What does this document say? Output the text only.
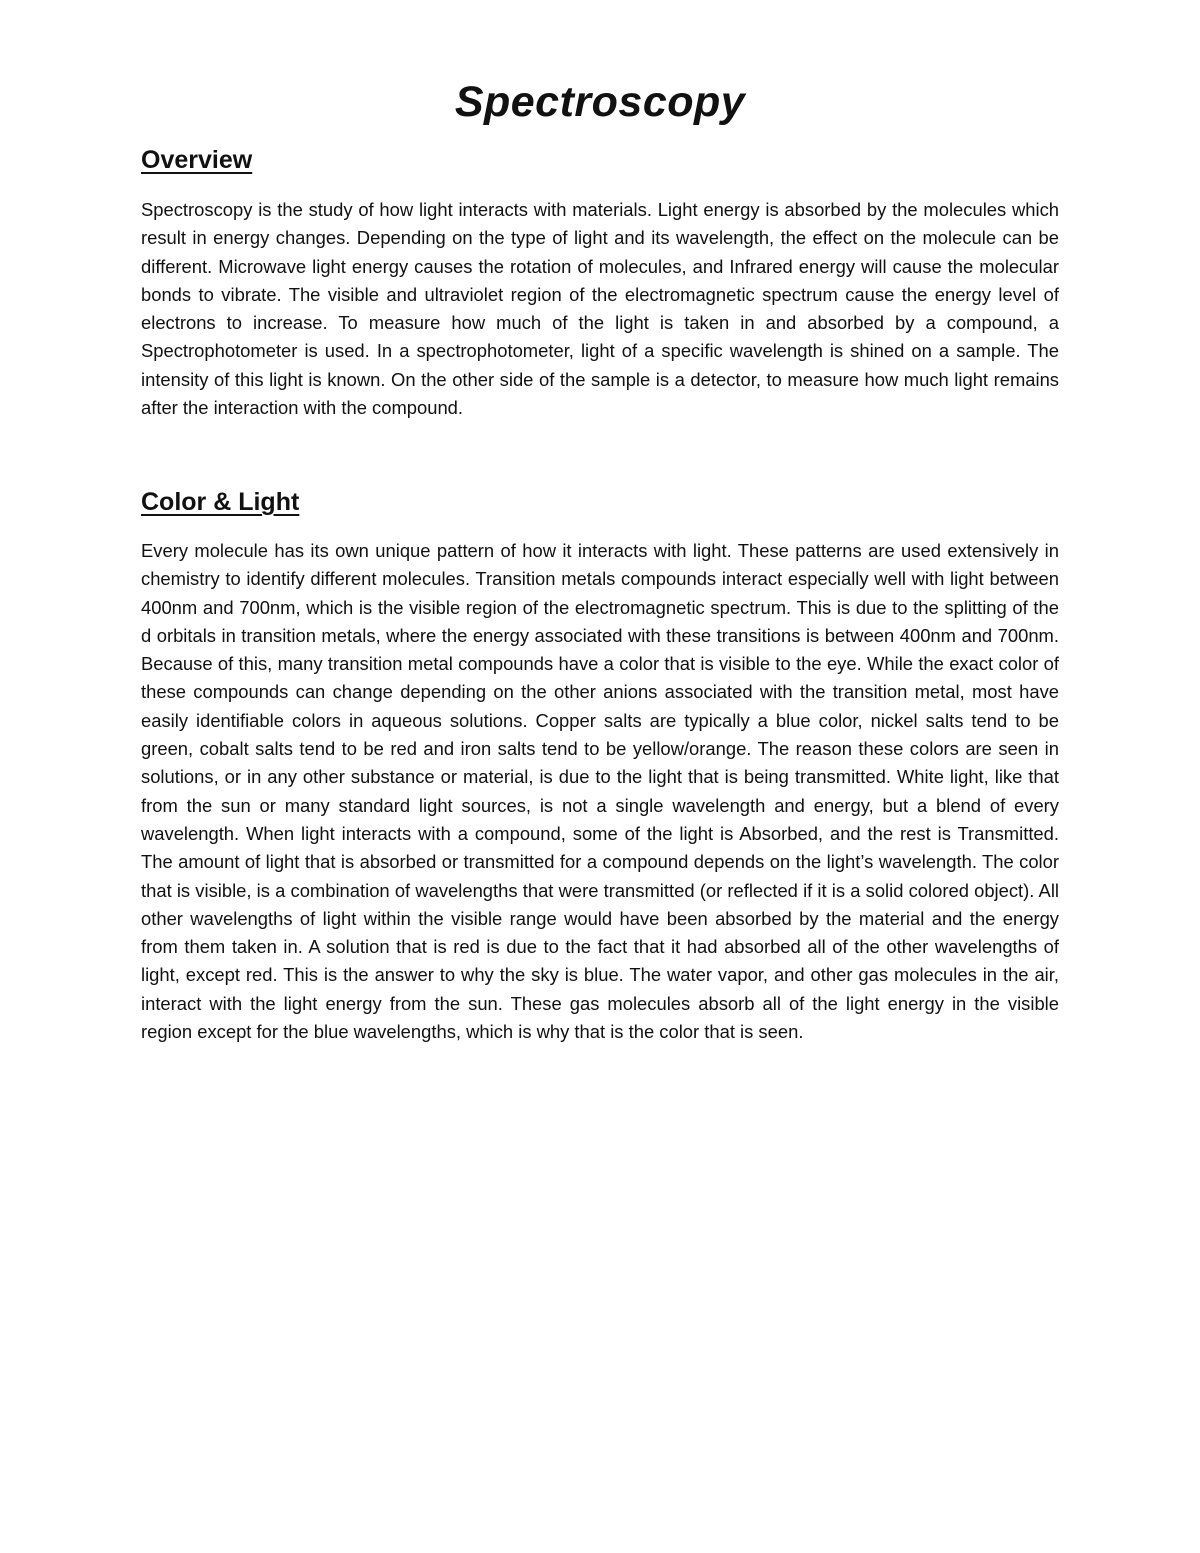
Spectroscopy
Overview

Spectroscopy is the study of how light interacts with materials. Light energy is absorbed by the molecules which result in energy changes. Depending on the type of light and its wavelength, the effect on the molecule can be different. Microwave light energy causes the rotation of molecules, and Infrared energy will cause the molecular bonds to vibrate. The visible and ultraviolet region of the electromagnetic spectrum cause the energy level of electrons to increase. To measure how much of the light is taken in and absorbed by a compound, a Spectrophotometer is used. In a spectrophotometer, light of a specific wavelength is shined on a sample. The intensity of this light is known. On the other side of the sample is a detector, to measure how much light remains after the interaction with the compound.

Color & Light

Every molecule has its own unique pattern of how it interacts with light. These patterns are used extensively in chemistry to identify different molecules. Transition metals compounds interact especially well with light between 400nm and 700nm, which is the visible region of the electromagnetic spectrum. This is due to the splitting of the d orbitals in transition metals, where the energy associated with these transitions is between 400nm and 700nm. Because of this, many transition metal compounds have a color that is visible to the eye. While the exact color of these compounds can change depending on the other anions associated with the transition metal, most have easily identifiable colors in aqueous solutions. Copper salts are typically a blue color, nickel salts tend to be green, cobalt salts tend to be red and iron salts tend to be yellow/orange. The reason these colors are seen in solutions, or in any other substance or material, is due to the light that is being transmitted. White light, like that from the sun or many standard light sources, is not a single wavelength and energy, but a blend of every wavelength. When light interacts with a compound, some of the light is Absorbed, and the rest is Transmitted. The amount of light that is absorbed or transmitted for a compound depends on the light’s wavelength. The color that is visible, is a combination of wavelengths that were transmitted (or reflected if it is a solid colored object). All other wavelengths of light within the visible range would have been absorbed by the material and the energy from them taken in. A solution that is red is due to the fact that it had absorbed all of the other wavelengths of light, except red. This is the answer to why the sky is blue. The water vapor, and other gas molecules in the air, interact with the light energy from the sun. These gas molecules absorb all of the light energy in the visible region except for the blue wavelengths, which is why that is the color that is seen.
